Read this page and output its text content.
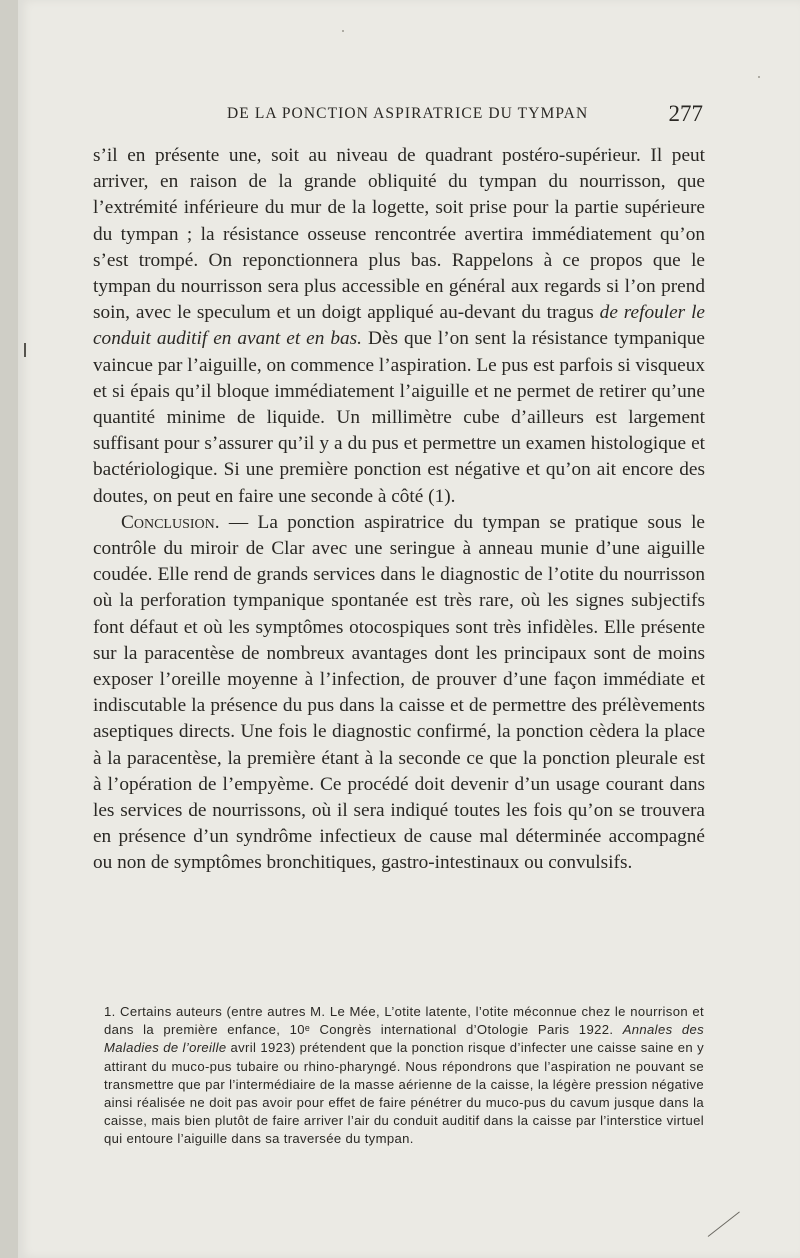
DE LA PONCTION ASPIRATRICE DU TYMPAN	277

s’il en présente une, soit au niveau de quadrant postéro-supérieur. Il peut arriver, en raison de la grande obliquité du tympan du nourrisson, que l’extrémité inférieure du mur de la logette, soit prise pour la partie supérieure du tympan ; la résistance osseuse rencontrée avertira immédiatement qu’on s’est trompé. On reponctionnera plus bas. Rappelons à ce propos que le tympan du nourrisson sera plus accessible en général aux regards si l’on prend soin, avec le speculum et un doigt appliqué au-devant du tragus de refouler le conduit auditif en avant et en bas. Dès que l’on sent la résistance tympanique vaincue par l’aiguille, on commence l’aspiration. Le pus est parfois si visqueux et si épais qu’il bloque immédiatement l’aiguille et ne permet de retirer qu’une quantité minime de liquide. Un millimètre cube d’ailleurs est largement suffisant pour s’assurer qu’il y a du pus et permettre un examen histologique et bactériologique. Si une première ponction est négative et qu’on ait encore des doutes, on peut en faire une seconde à côté (1).

Conclusion. — La ponction aspiratrice du tympan se pratique sous le contrôle du miroir de Clar avec une seringue à anneau munie d’une aiguille coudée. Elle rend de grands services dans le diagnostic de l’otite du nourrisson où la perforation tympanique spontanée est très rare, où les signes subjectifs font défaut et où les symptômes otocospiques sont très infidèles. Elle présente sur la paracentèse de nombreux avantages dont les principaux sont de moins exposer l’oreille moyenne à l’infection, de prouver d’une façon immédiate et indiscutable la présence du pus dans la caisse et de permettre des prélèvements aseptiques directs. Une fois le diagnostic confirmé, la ponction cèdera la place à la paracentèse, la première étant à la seconde ce que la ponction pleurale est à l’opération de l’empyème. Ce procédé doit devenir d’un usage courant dans les services de nourrissons, où il sera indiqué toutes les fois qu’on se trouvera en présence d’un syndrôme infectieux de cause mal déterminée accompagné ou non de symptômes bronchitiques, gastro-intestinaux ou convulsifs.

1. Certains auteurs (entre autres M. Le Mée, L’otite latente, l’otite méconnue chez le nourrison et dans la première enfance, 10ᵉ Congrès international d’Otologie Paris 1922. Annales des Maladies de l’oreille avril 1923) prétendent que la ponction risque d’infecter une caisse saine en y attirant du muco-pus tubaire ou rhino-pharyngé. Nous répondrons que l’aspiration ne pouvant se transmettre que par l’intermédiaire de la masse aérienne de la caisse, la légère pression négative ainsi réalisée ne doit pas avoir pour effet de faire pénétrer du muco-pus du cavum jusque dans la caisse, mais bien plutôt de faire arriver l’air du conduit auditif dans la caisse par l’interstice virtuel qui entoure l’aiguille dans sa traversée du tympan.
